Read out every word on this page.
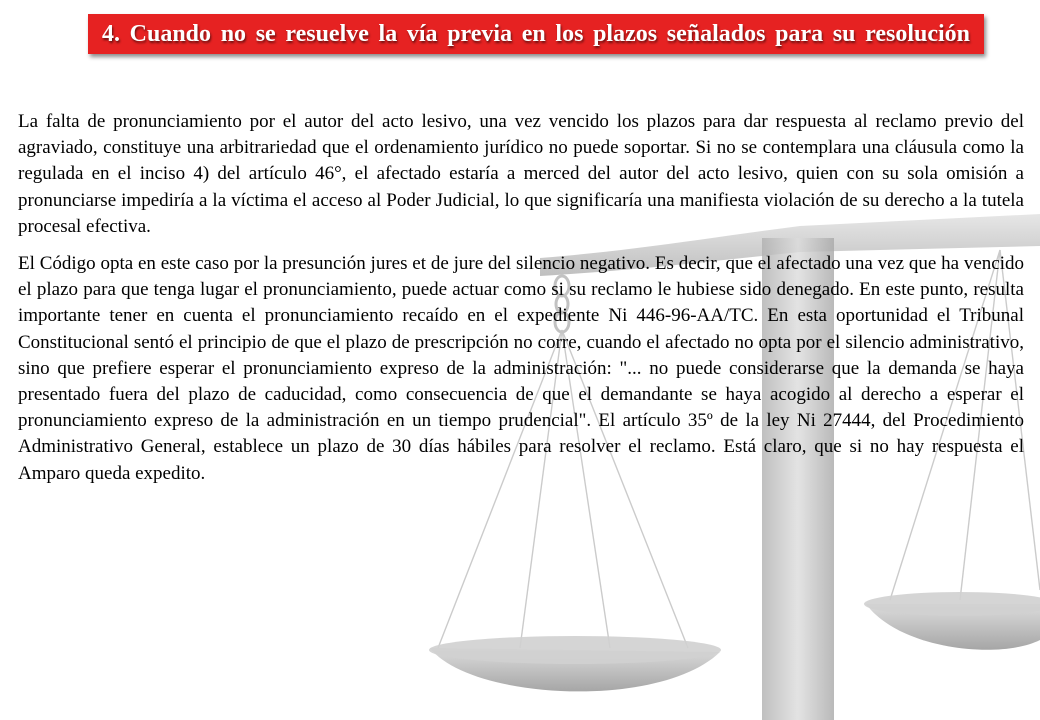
4. Cuando no se resuelve la vía previa en los plazos señalados para su resolución

La falta de pronunciamiento por el autor del acto lesivo, una vez vencido los plazos para dar respuesta al reclamo previo del agraviado, constituye una arbitrariedad que el ordenamiento jurídico no puede soportar. Si no se contemplara una cláusula como la regulada en el inciso 4) del artículo 46°, el afectado estaría a merced del autor del acto lesivo, quien con su sola omisión a pronunciarse impediría a la víctima el acceso al Poder Judicial, lo que significaría una manifiesta violación de su derecho a la tutela procesal efectiva.

El Código opta en este caso por la presunción jures et de jure del silencio negativo. Es decir, que el afectado una vez que ha vencido el plazo para que tenga lugar el pronunciamiento, puede actuar como si su reclamo le hubiese sido denegado. En este punto, resulta importante tener en cuenta el pronunciamiento recaído en el expediente Ni 446-96-AA/TC. En esta oportunidad el Tribunal Constitucional sentó el principio de que el plazo de prescripción no corre, cuando el afectado no opta por el silencio administrativo, sino que prefiere esperar el pronunciamiento expreso de la administración: "... no puede considerarse que la demanda se haya presentado fuera del plazo de caducidad, como consecuencia de que el demandante se haya acogido al derecho a esperar el pronunciamiento expreso de la administración en un tiempo prudencial". El artículo 35º de la ley Ni 27444, del Procedimiento Administrativo General, establece un plazo de 30 días hábiles para resolver el reclamo. Está claro, que si no hay respuesta el Amparo queda expedito.
